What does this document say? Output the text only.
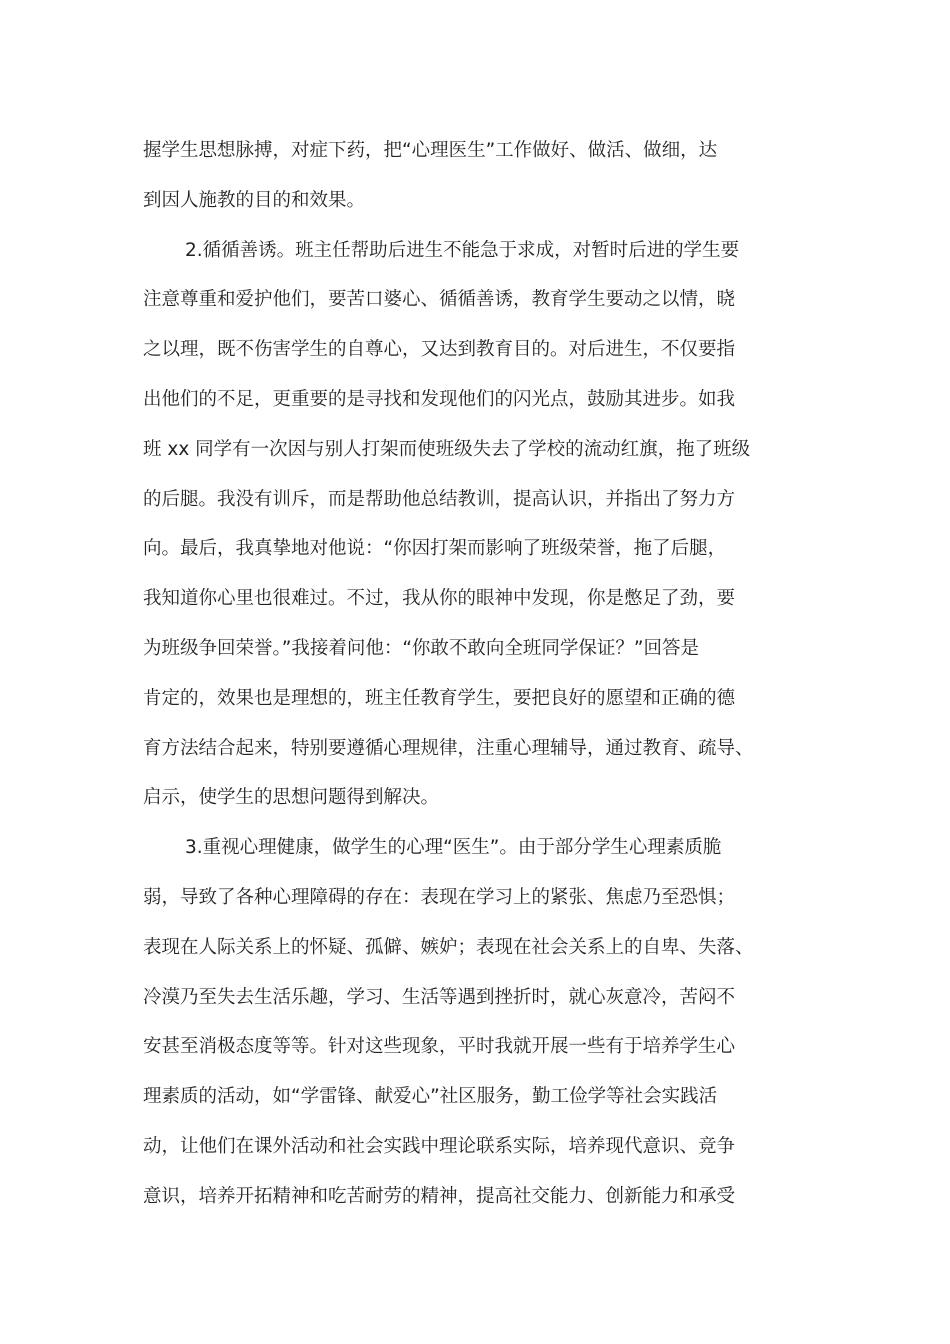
握学生思想脉搏，对症下药，把“心理医生”工作做好、做活、做细，达
到因人施教的目的和效果。
2.循循善诱。班主任帮助后进生不能急于求成，对暂时后进的学生要
注意尊重和爱护他们，要苦口婆心、循循善诱，教育学生要动之以情，晓
之以理，既不伤害学生的自尊心，又达到教育目的。对后进生，不仅要指
出他们的不足，更重要的是寻找和发现他们的闪光点，鼓励其进步。如我
班 xx 同学有一次因与别人打架而使班级失去了学校的流动红旗，拖了班级
的后腿。我没有训斥，而是帮助他总结教训，提高认识，并指出了努力方
向。最后，我真挚地对他说：“你因打架而影响了班级荣誉，拖了后腿，
我知道你心里也很难过。不过，我从你的眼神中发现，你是憋足了劲，要
为班级争回荣誉。”我接着问他：“你敢不敢向全班同学保证？”回答是
肯定的，效果也是理想的，班主任教育学生，要把良好的愿望和正确的德
育方法结合起来，特别要遵循心理规律，注重心理辅导，通过教育、疏导、
启示，使学生的思想问题得到解决。
3.重视心理健康，做学生的心理“医生”。由于部分学生心理素质脆
弱，导致了各种心理障碍的存在：表现在学习上的紧张、焦虑乃至恐惧；
表现在人际关系上的怀疑、孤僻、嫉妒；表现在社会关系上的自卑、失落、
冷漠乃至失去生活乐趣，学习、生活等遇到挫折时，就心灰意冷，苦闷不
安甚至消极态度等等。针对这些现象，平时我就开展一些有于培养学生心
理素质的活动，如“学雷锋、献爱心”社区服务，勤工俭学等社会实践活
动，让他们在课外活动和社会实践中理论联系实际，培养现代意识、竞争
意识，培养开拓精神和吃苦耐劳的精神，提高社交能力、创新能力和承受
